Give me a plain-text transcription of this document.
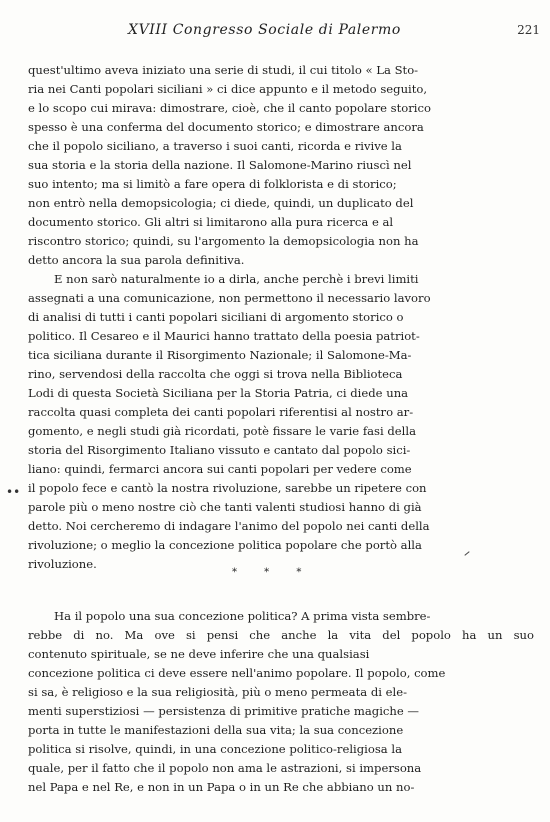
XVIII Congresso Sociale di Palermo	221
quest'ultimo aveva iniziato una serie di studi, il cui titolo « La Sto-
ria nei Canti popolari siciliani » ci dice appunto e il metodo seguito,
e lo scopo cui mirava: dimostrare, cioè, che il canto popolare storico
spesso è una conferma del documento storico; e dimostrare ancora
che il popolo siciliano, a traverso i suoi canti, ricorda e rivive la
sua storia e la storia della nazione. Il Salomone-Marino riuscì nel
suo intento; ma si limitò a fare opera di folklorista e di storico;
non entrò nella demopsicologia; ci diede, quindi, un duplicato del
documento storico. Gli altri si limitarono alla pura ricerca e al
riscontro storico; quindi, su l'argomento la demopsicologia non ha
detto ancora la sua parola definitiva.
E non sarò naturalmente io a dirla, anche perchè i brevi limiti
assegnati a una comunicazione, non permettono il necessario lavoro
di analisi di tutti i canti popolari siciliani di argomento storico o
politico. Il Cesareo e il Maurici hanno trattato della poesia patriot-
tica siciliana durante il Risorgimento Nazionale; il Salomone-Ma-
rino, servendosi della raccolta che oggi si trova nella Biblioteca
Lodi di questa Società Siciliana per la Storia Patria, ci diede una
raccolta quasi completa dei canti popolari riferentisi al nostro ar-
gomento, e negli studi già ricordati, potè fissare le varie fasi della
storia del Risorgimento Italiano vissuto e cantato dal popolo sici-
liano: quindi, fermarci ancora sui canti popolari per vedere come
il popolo fece e cantò la nostra rivoluzione, sarebbe un ripetere con
parole più o meno nostre ciò che tanti valenti studiosi hanno di già
detto. Noi cercheremo di indagare l'animo del popolo nei canti della
rivoluzione; o meglio la concezione politica popolare che portò alla
rivoluzione.
Ha il popolo una sua concezione politica? A prima vista sembre-
rebbe di no. Ma ove si pensi che anche la vita del popolo ha un suo
contenuto spirituale, se ne deve inferire che una qualsiasi
concezione politica ci deve essere nell'animo popolare. Il popolo, come
si sa, è religioso e la sua religiosità, più o meno permeata di ele-
menti superstiziosi — persistenza di primitive pratiche magiche —
porta in tutte le manifestazioni della sua vita; la sua concezione
politica si risolve, quindi, in una concezione politico-religiosa la
quale, per il fatto che il popolo non ama le astrazioni, si impersona
nel Papa e nel Re, e non in un Papa o in un Re che abbiano un no-
* * *
••
